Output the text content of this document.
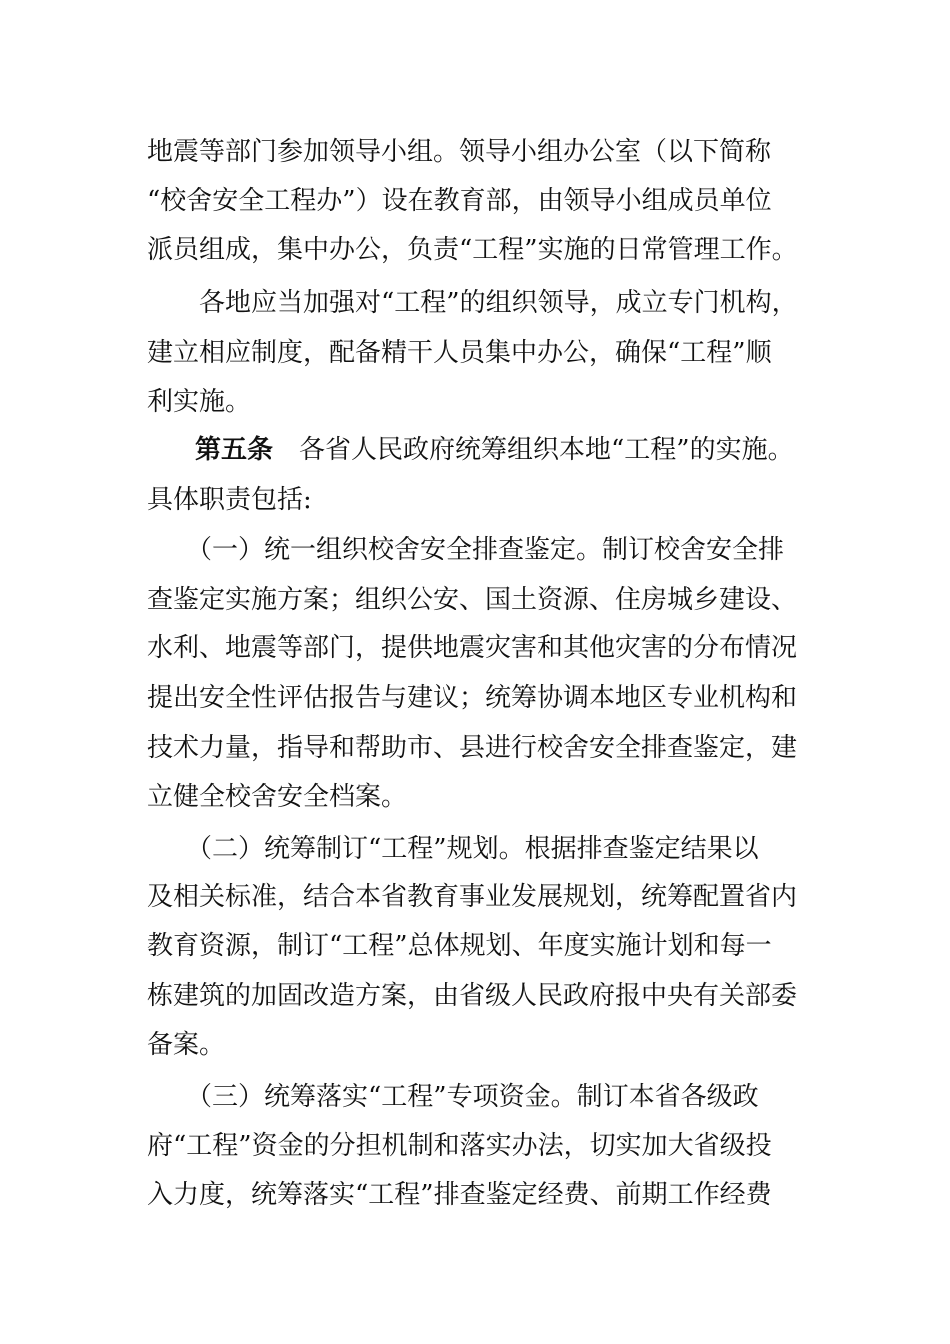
地震等部门参加领导小组。领导小组办公室（以下简称
“校舍安全工程办”）设在教育部，由领导小组成员单位
派员组成，集中办公，负责“工程”实施的日常管理工作。
　　各地应当加强对“工程”的组织领导，成立专门机构，
建立相应制度，配备精干人员集中办公，确保“工程”顺
利实施。
第五条　各省人民政府统筹组织本地“工程”的实施。
具体职责包括:
　　（一）统一组织校舍安全排查鉴定。制订校舍安全排
查鉴定实施方案；组织公安、国土资源、住房城乡建设、
水利、地震等部门，提供地震灾害和其他灾害的分布情况
提出安全性评估报告与建议；统筹协调本地区专业机构和
技术力量，指导和帮助市、县进行校舍安全排查鉴定，建
立健全校舍安全档案。
　　（二）统筹制订“工程”规划。根据排查鉴定结果以
及相关标准，结合本省教育事业发展规划，统筹配置省内
教育资源，制订“工程”总体规划、年度实施计划和每一
栋建筑的加固改造方案，由省级人民政府报中央有关部委
备案。
　　（三）统筹落实“工程”专项资金。制订本省各级政
府“工程”资金的分担机制和落实办法，切实加大省级投
入力度，统筹落实“工程”排查鉴定经费、前期工作经费
